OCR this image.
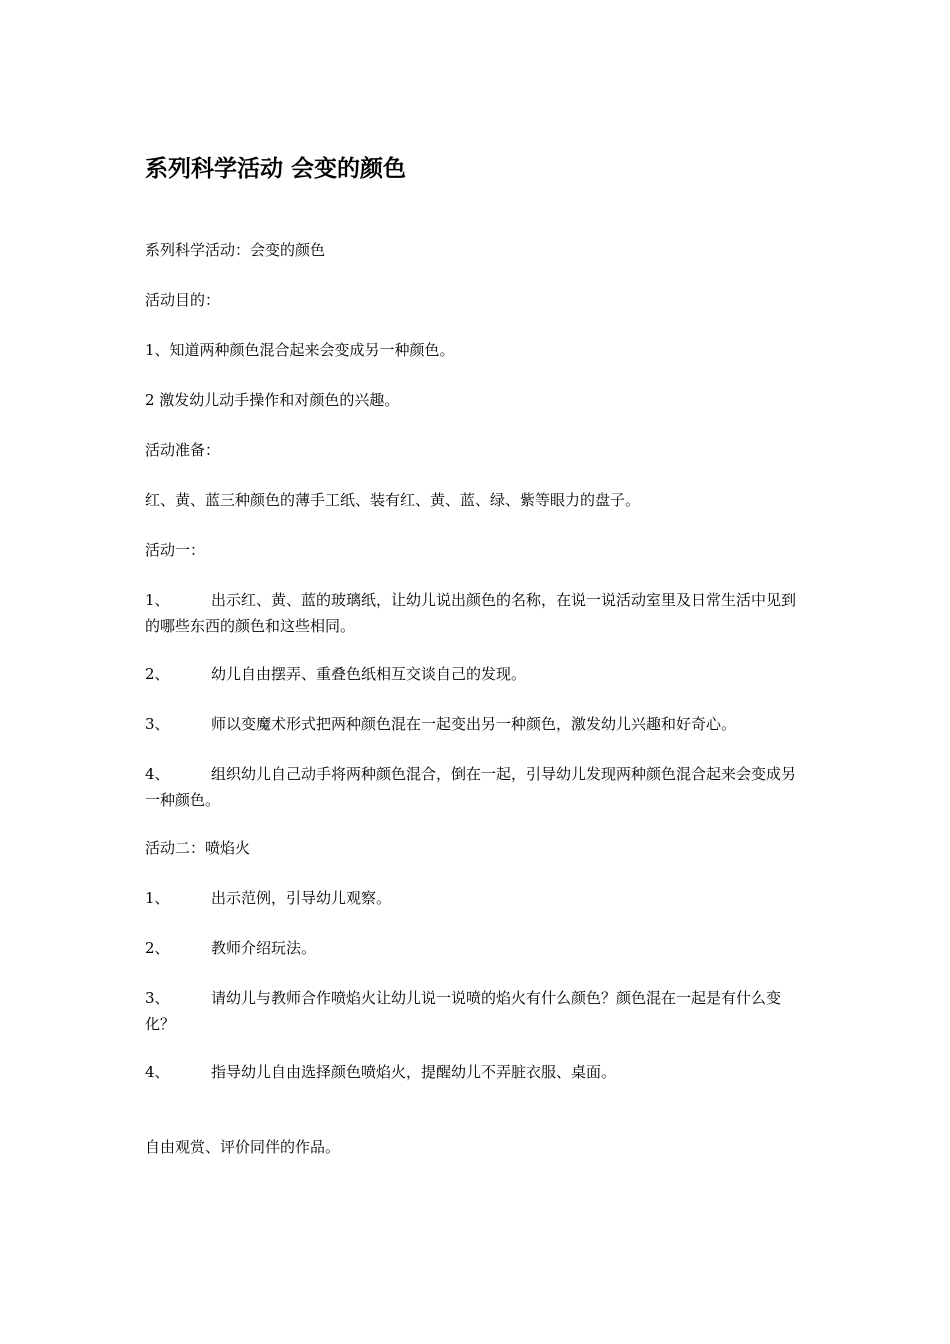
系列科学活动 会变的颜色

系列科学活动：会变的颜色

活动目的：

1、知道两种颜色混合起来会变成另一种颜色。

2 激发幼儿动手操作和对颜色的兴趣。

活动准备：

红、黄、蓝三种颜色的薄手工纸、装有红、黄、蓝、绿、紫等眼力的盘子。

活动一：

1、	出示红、黄、蓝的玻璃纸，让幼儿说出颜色的名称，在说一说活动室里及日常生活中见到的哪些东西的颜色和这些相同。

2、	幼儿自由摆弄、重叠色纸相互交谈自己的发现。

3、	师以变魔术形式把两种颜色混在一起变出另一种颜色，激发幼儿兴趣和好奇心。

4、	组织幼儿自己动手将两种颜色混合，倒在一起，引导幼儿发现两种颜色混合起来会变成另一种颜色。

活动二：喷焰火

1、	出示范例，引导幼儿观察。

2、	教师介绍玩法。

3、	请幼儿与教师合作喷焰火让幼儿说一说喷的焰火有什么颜色？颜色混在一起是有什么变化？

4、	指导幼儿自由选择颜色喷焰火，提醒幼儿不弄脏衣服、桌面。

自由观赏、评价同伴的作品。
